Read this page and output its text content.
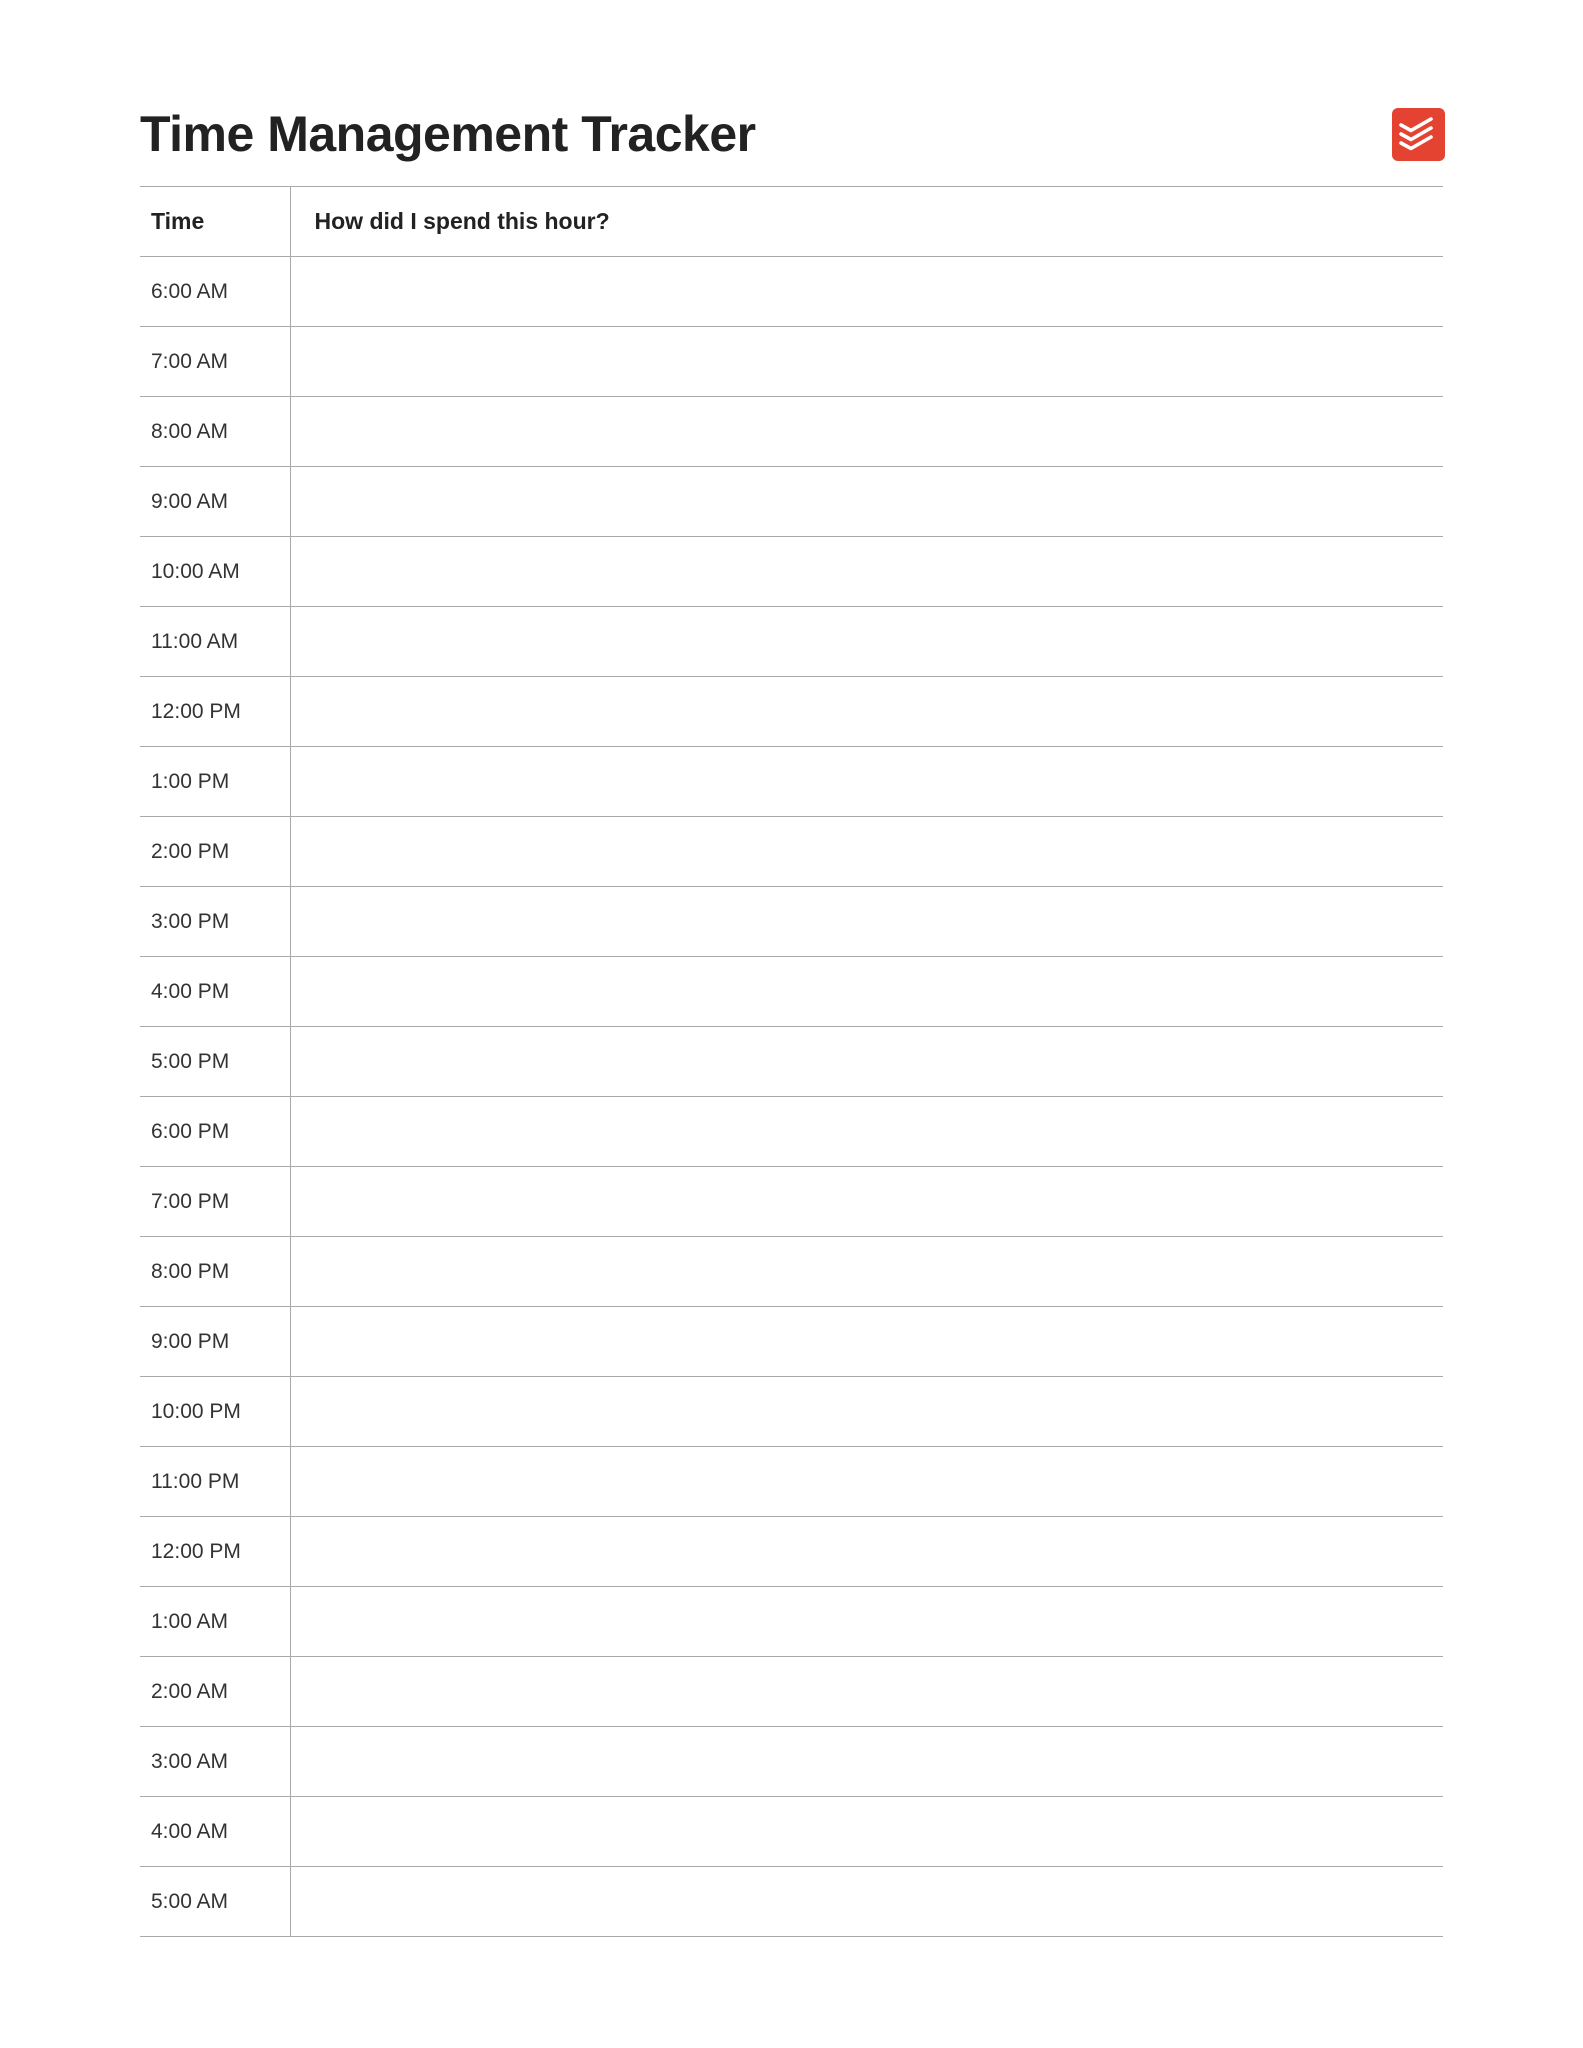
Time Management Tracker
Time	How did I spend this hour?
6:00 AM	
7:00 AM	
8:00 AM	
9:00 AM	
10:00 AM	
11:00 AM	
12:00 PM	
1:00 PM	
2:00 PM	
3:00 PM	
4:00 PM	
5:00 PM	
6:00 PM	
7:00 PM	
8:00 PM	
9:00 PM	
10:00 PM	
11:00 PM	
12:00 PM	
1:00 AM	
2:00 AM	
3:00 AM	
4:00 AM	
5:00 AM	
